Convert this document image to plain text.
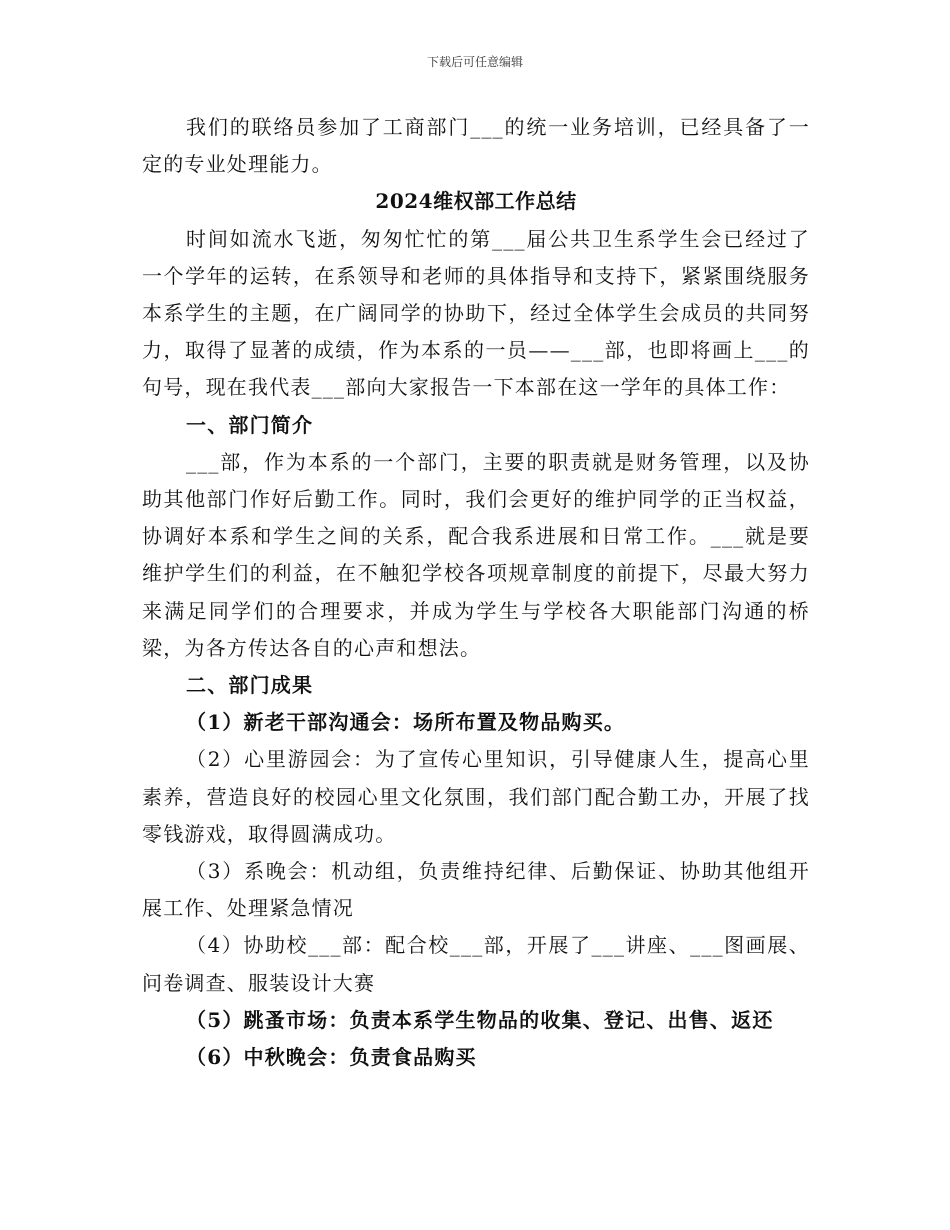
下载后可任意编辑

我们的联络员参加了工商部门___的统一业务培训，已经具备了一定的专业处理能力。

2024维权部工作总结

时间如流水飞逝，匆匆忙忙的第___届公共卫生系学生会已经过了一个学年的运转，在系领导和老师的具体指导和支持下，紧紧围绕服务本系学生的主题，在广阔同学的协助下，经过全体学生会成员的共同努力，取得了显著的成绩，作为本系的一员——___部，也即将画上___的句号，现在我代表___部向大家报告一下本部在这一学年的具体工作：

一、部门简介

___部，作为本系的一个部门，主要的职责就是财务管理，以及协助其他部门作好后勤工作。同时，我们会更好的维护同学的正当权益，协调好本系和学生之间的关系，配合我系进展和日常工作。___就是要维护学生们的利益，在不触犯学校各项规章制度的前提下，尽最大努力来满足同学们的合理要求，并成为学生与学校各大职能部门沟通的桥梁，为各方传达各自的心声和想法。

二、部门成果

（1）新老干部沟通会：场所布置及物品购买。

（2）心里游园会：为了宣传心里知识，引导健康人生，提高心里素养，营造良好的校园心里文化氛围，我们部门配合勤工办，开展了找零钱游戏，取得圆满成功。

（3）系晚会：机动组，负责维持纪律、后勤保证、协助其他组开展工作、处理紧急情况

（4）协助校___部：配合校___部，开展了___讲座、___图画展、问卷调查、服装设计大赛

（5）跳蚤市场：负责本系学生物品的收集、登记、出售、返还

（6）中秋晚会：负责食品购买
